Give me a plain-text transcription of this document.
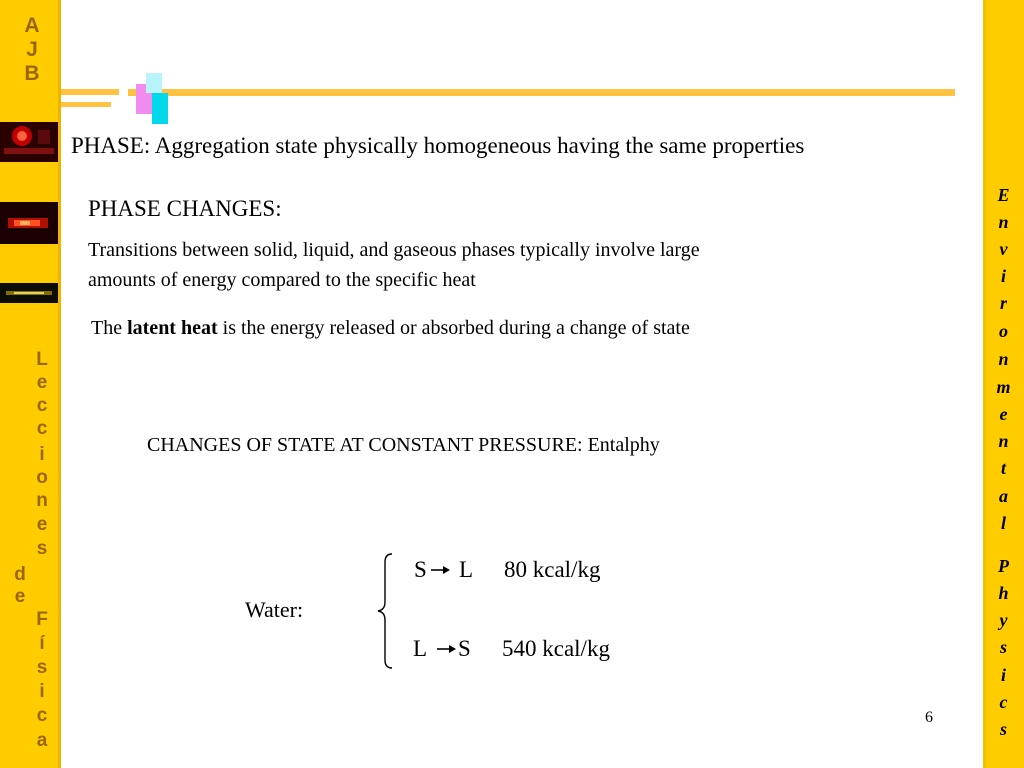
A
J
B
L
e
c
c
i
o
n
e
s
d
e
F
í
s
i
c
a
E
n
v
i
r
o
n
m
e
n
t
a
l
P
h
y
s
i
c
s
PHASE: Aggregation state physically homogeneous having the same properties
PHASE CHANGES:
Transitions between solid, liquid, and gaseous phases typically involve large
amounts of energy compared to the specific heat
The latent heat is the energy released or absorbed during a change of state
CHANGES OF STATE AT CONSTANT PRESSURE: Entalphy
Water:
S L 80 kcal/kg
L S 540 kcal/kg
6
